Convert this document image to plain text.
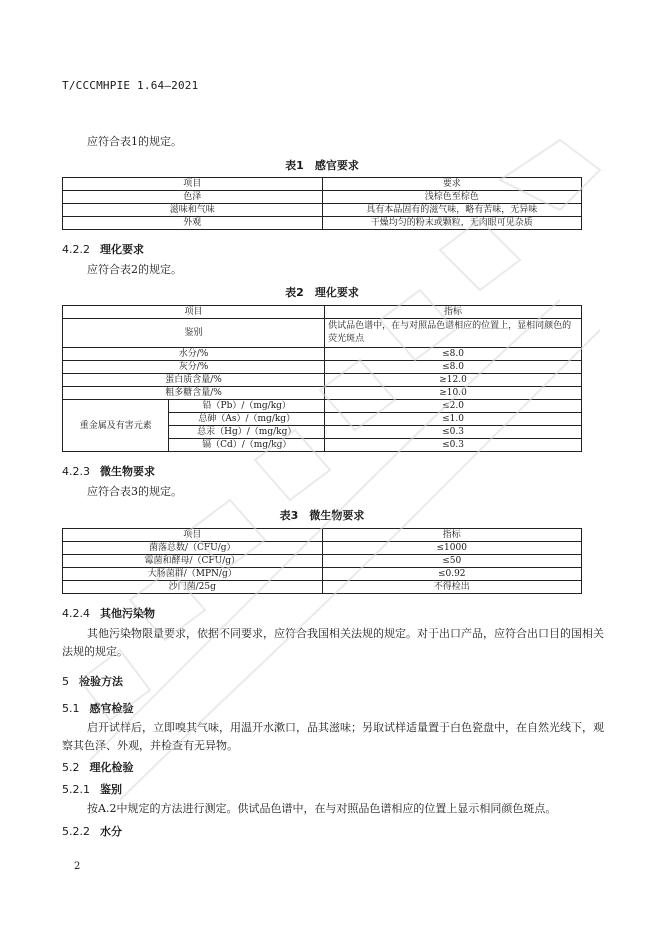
T/CCCMHPIE 1.64—2021
应符合表1的规定。
表1　感官要求
项目	要求
色泽	浅棕色至棕色
滋味和气味	具有本品固有的滋气味，略有苦味，无异味
外观	干燥均匀的粉末或颗粒，无肉眼可见杂质
4.2.2 理化要求
应符合表2的规定。
表2　理化要求
项目		指标
鉴别		供试品色谱中，在与对照品色谱相应的位置上，显相同颜色的荧光斑点
水分/%		≤8.0
灰分/%		≤8.0
蛋白质含量/%		≥12.0
粗多糖含量/%		≥10.0
重金属及有害元素	铅（Pb）/（mg/kg）	≤2.0
	总砷（As）/（mg/kg）	≤1.0
	总汞（Hg）/（mg/kg）	≤0.3
	镉（Cd）/（mg/kg）	≤0.3
4.2.3 微生物要求
应符合表3的规定。
表3　微生物要求
项目	指标
菌落总数/（CFU/g）	≤1000
霉菌和酵母/（CFU/g）	≤50
大肠菌群/（MPN/g）	≤0.92
沙门菌/25g	不得检出
4.2.4 其他污染物
其他污染物限量要求，依据不同要求，应符合我国相关法规的规定。对于出口产品，应符合出口目的国相关法规的规定。
5 检验方法
5.1 感官检验
启开试样后，立即嗅其气味，用温开水漱口，品其滋味；另取试样适量置于白色瓷盘中，在自然光线下，观察其色泽、外观，并检查有无异物。
5.2 理化检验
5.2.1 鉴别
按A.2中规定的方法进行测定。供试品色谱中，在与对照品色谱相应的位置上显示相同颜色斑点。
5.2.2 水分
2
